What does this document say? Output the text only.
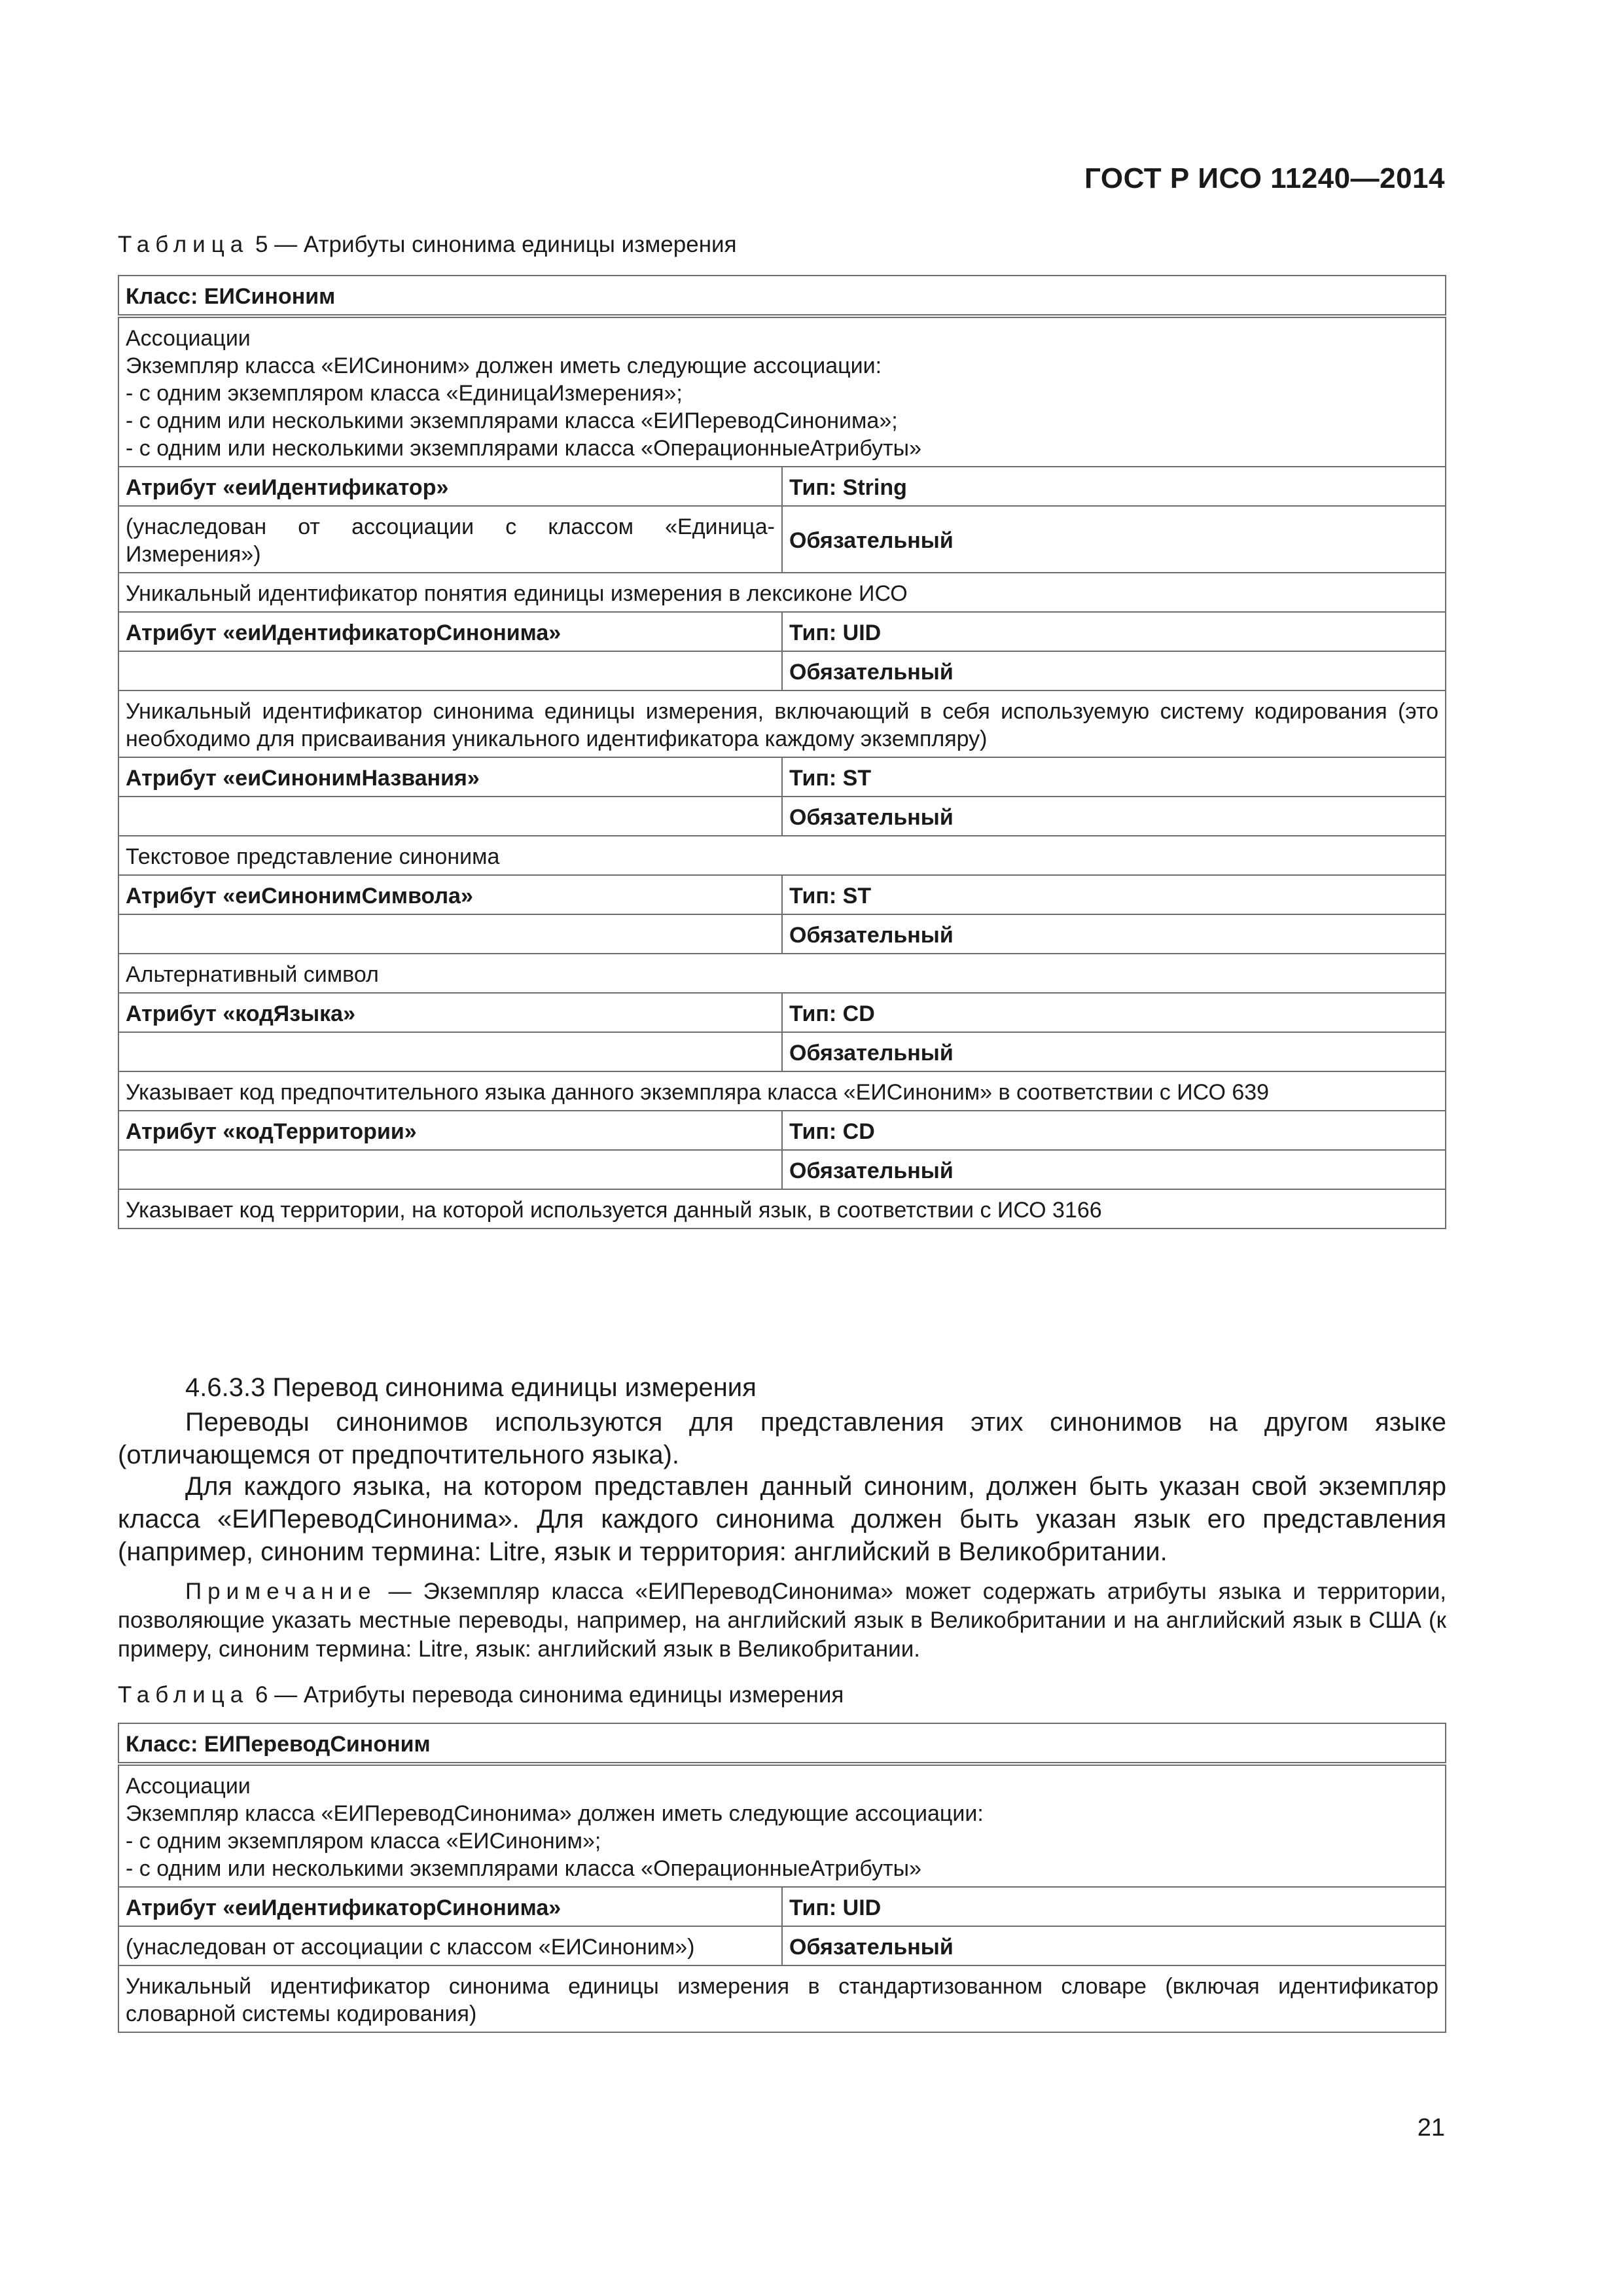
ГОСТ Р ИСО 11240—2014
Таблица 5 — Атрибуты синонима единицы измерения
Класс: ЕИСиноним	

Ассоциации
Экземпляр класса «ЕИСиноним» должен иметь следующие ассоциации:
- с одним экземпляром класса «ЕдиницаИзмерения»;
- с одним или несколькими экземплярами класса «ЕИПереводСинонима»;
- с одним или несколькими экземплярами класса «ОперационныеАтрибуты»	

Атрибут «еиИдентификатор»	Тип: String
(унаследован от ассоциации с классом «Единица-Измерения»)	Обязательный
Уникальный идентификатор понятия единицы измерения в лексиконе ИСО	
Атрибут «еиИдентификаторСинонима»	Тип: UID
	Обязательный
Уникальный идентификатор синонима единицы измерения, включающий в себя используемую систему кодирования (это необходимо для присваивания уникального идентификатора каждому экземпляру)	
Атрибут «еиСинонимНазвания»	Тип: ST
	Обязательный
Текстовое представление синонима	
Атрибут «еиСинонимСимвола»	Тип: ST
	Обязательный
Альтернативный символ	
Атрибут «кодЯзыка»	Тип: CD
	Обязательный
Указывает код предпочтительного языка данного экземпляра класса «ЕИСиноним» в соответствии с ИСО 639	
Атрибут «кодТерритории»	Тип: CD
	Обязательный
Указывает код территории, на которой используется данный язык, в соответствии с ИСО 3166	
4.6.3.3 Перевод синонима единицы измерения
Переводы синонимов используются для представления этих синонимов на другом языке (отличающемся от предпочтительного языка).
Для каждого языка, на котором представлен данный синоним, должен быть указан свой экземпляр класса «ЕИПереводСинонима». Для каждого синонима должен быть указан язык его представления (например, синоним термина: Litre, язык и территория: английский в Великобритании.
Примечание — Экземпляр класса «ЕИПереводСинонима» может содержать атрибуты языка и территории, позволяющие указать местные переводы, например, на английский язык в Великобритании и на английский язык в США (к примеру, синоним термина: Litre, язык: английский язык в Великобритании.
Таблица 6 — Атрибуты перевода синонима единицы измерения
Класс: ЕИПереводСиноним	

Ассоциации
Экземпляр класса «ЕИПереводСинонима» должен иметь следующие ассоциации:
- с одним экземпляром класса «ЕИСиноним»;
- с одним или несколькими экземплярами класса «ОперационныеАтрибуты»	

Атрибут «еиИдентификаторСинонима»	Тип: UID
(унаследован от ассоциации с классом «ЕИСиноним»)	Обязательный
Уникальный идентификатор синонима единицы измерения в стандартизованном словаре (включая идентификатор словарной системы кодирования)	
21
